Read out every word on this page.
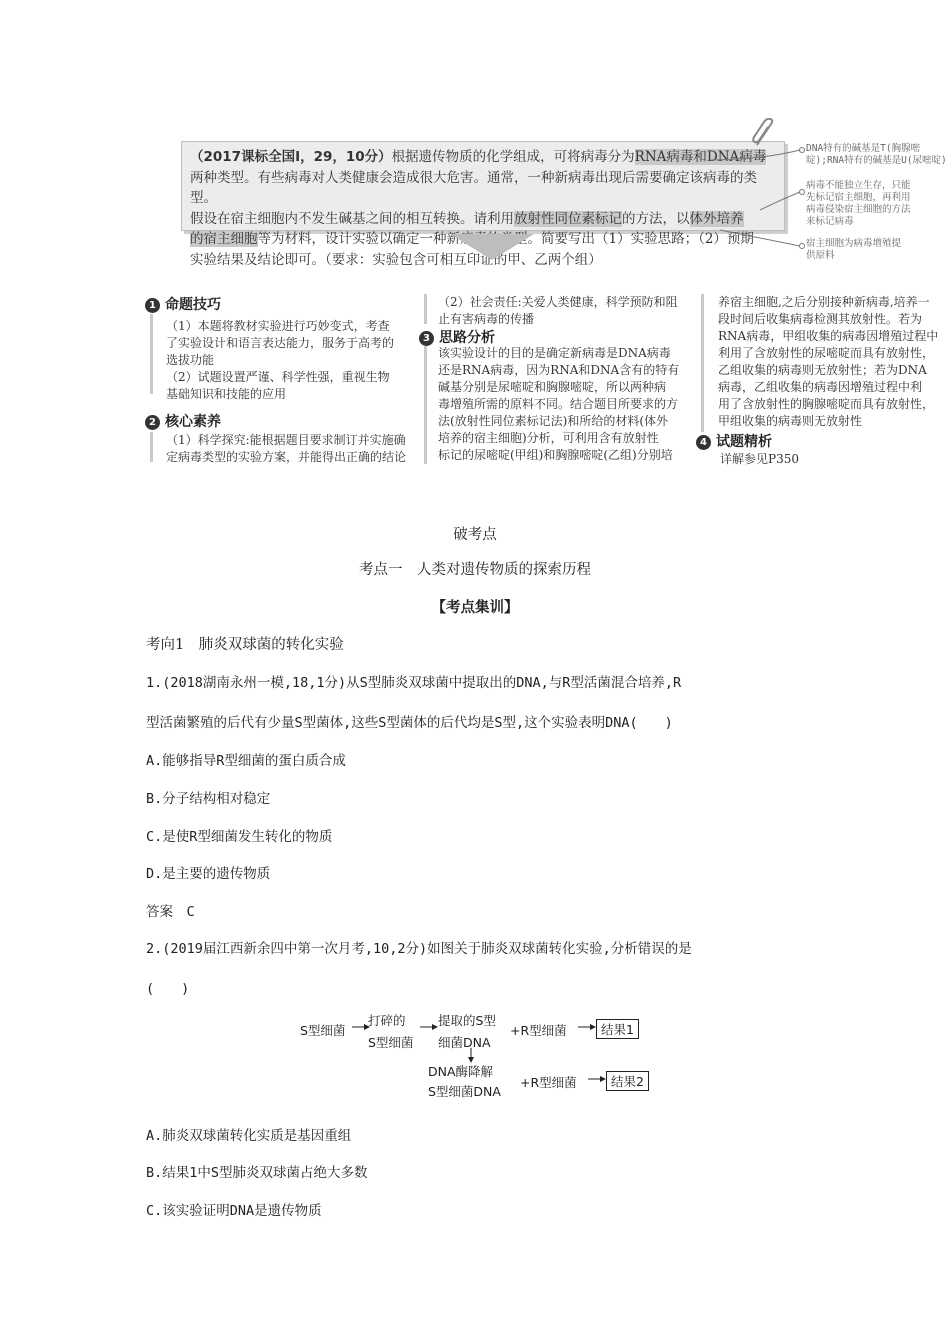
（2017课标全国Ⅰ，29，10分）根据遗传物质的化学组成，可将病毒分为RNA病毒和DNA病毒
两种类型。有些病毒对人类健康会造成很大危害。通常，一种新病毒出现后需要确定该病毒的类型。
假设在宿主细胞内不发生碱基之间的相互转换。请利用放射性同位素标记的方法，以体外培养
的宿主细胞等为材料，设计实验以确定一种新病毒的类型。简要写出（1）实验思路；（2）预期
实验结果及结论即可。（要求：实验包含可相互印证的甲、乙两个组）
DNA特有的碱基是T(胸腺嘧
啶);RNA特有的碱基是U(尿嘧啶)
病毒不能独立生存，只能
先标记宿主细胞，再利用
病毒侵染宿主细胞的方法
来标记病毒
宿主细胞为病毒增殖提
供原料
1 命题技巧
（1）本题将教材实验进行巧妙变式，考查
了实验设计和语言表达能力，服务于高考的
选拔功能
（2）试题设置严谨、科学性强，重视生物
基础知识和技能的应用
2 核心素养
（1）科学探究:能根据题目要求制订并实施确
定病毒类型的实验方案，并能得出正确的结论
（2）社会责任:关爱人类健康，科学预防和阻
止有害病毒的传播
3 思路分析
该实验设计的目的是确定新病毒是DNA病毒
还是RNA病毒，因为RNA和DNA含有的特有
碱基分别是尿嘧啶和胸腺嘧啶，所以两种病
毒增殖所需的原料不同。结合题目所要求的方
法(放射性同位素标记法)和所给的材料(体外
培养的宿主细胞)分析，可利用含有放射性
标记的尿嘧啶(甲组)和胸腺嘧啶(乙组)分别培
养宿主细胞,之后分别接种新病毒,培养一
段时间后收集病毒检测其放射性。若为
RNA病毒，甲组收集的病毒因增殖过程中
利用了含放射性的尿嘧啶而具有放射性，
乙组收集的病毒则无放射性；若为DNA
病毒，乙组收集的病毒因增殖过程中利
用了含放射性的胸腺嘧啶而具有放射性，
甲组收集的病毒则无放射性
4 试题精析
详解参见P350
破考点
考点一　人类对遗传物质的探索历程
【考点集训】
考向1　肺炎双球菌的转化实验
1.(2018湖南永州一模,18,1分)从S型肺炎双球菌中提取出的DNA,与R型活菌混合培养,R
型活菌繁殖的后代有少量S型菌体,这些S型菌体的后代均是S型,这个实验表明DNA(　　)
A.能够指导R型细菌的蛋白质合成
B.分子结构相对稳定
C.是使R型细菌发生转化的物质
D.是主要的遗传物质
答案　C
2.(2019届江西新余四中第一次月考,10,2分)如图关于肺炎双球菌转化实验,分析错误的是
(　　)
S型细菌
打碎的
S型细菌
提取的S型
细菌DNA
+R型细菌	结果1
DNA酶降解
S型细菌DNA
+R型细菌	结果2
A.肺炎双球菌转化实质是基因重组
B.结果1中S型肺炎双球菌占绝大多数
C.该实验证明DNA是遗传物质
